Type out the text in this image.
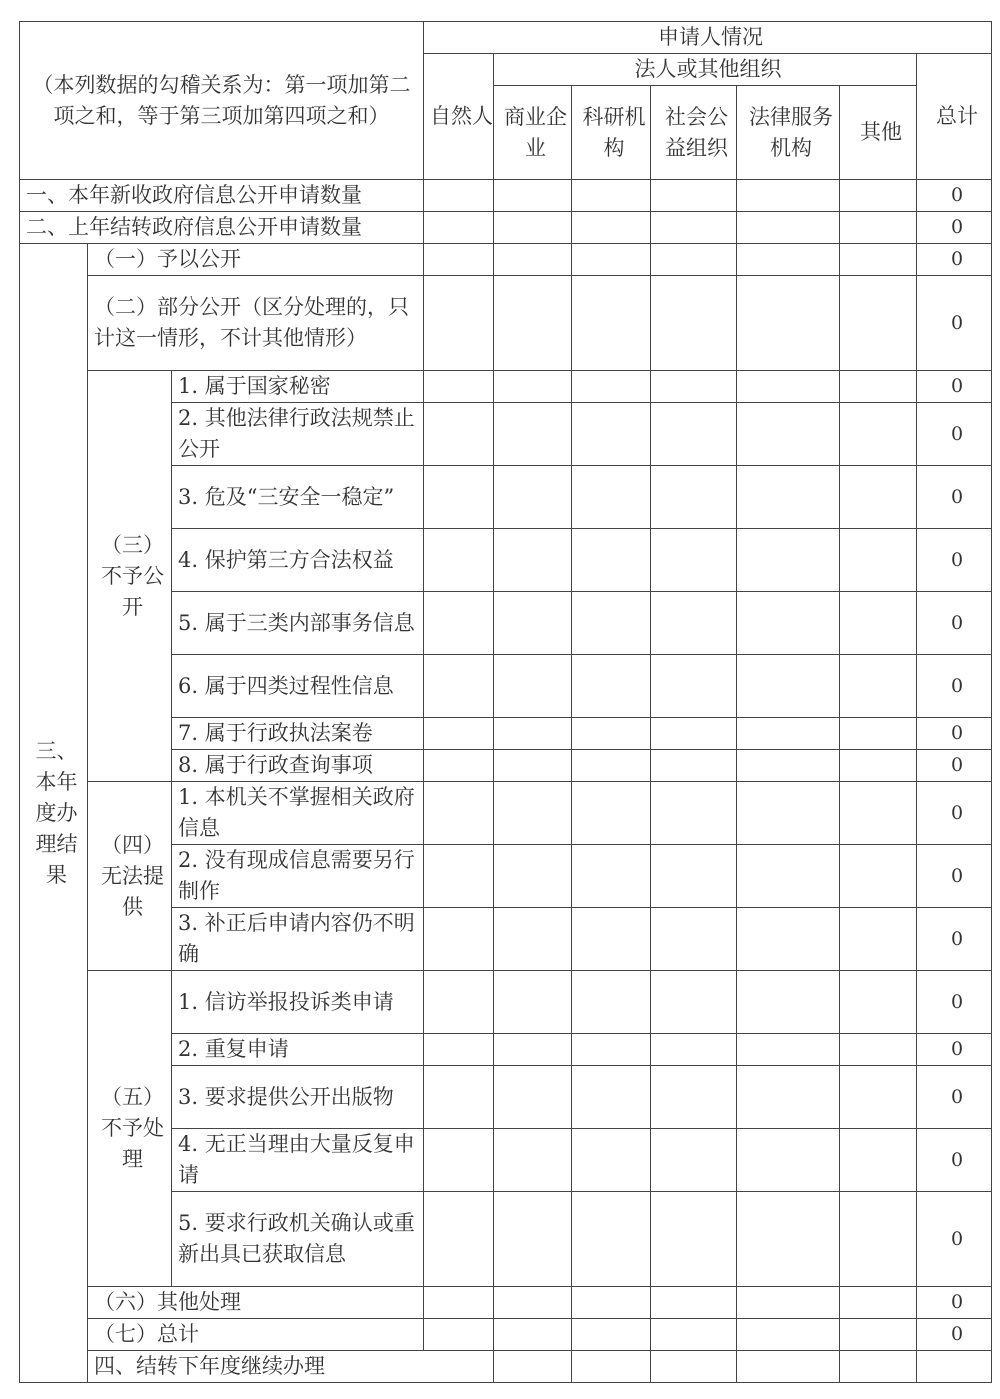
（本列数据的勾稽关系为：第一项加第二项之和，等于第三项加第四项之和）			申请人情况							
			自然人	法人或其他组织					总计	
				商业企业	科研机构	社会公益组织	法律服务机构	其他		
一、本年新收政府信息公开申请数量									0	
二、上年结转政府信息公开申请数量									0	
三、本年度办理结果	（一）予以公开								0	
	（二）部分公开（区分处理的，只计这一情形，不计其他情形）								0	
	（三）不予公开	1. 属于国家秘密							0	
		2. 其他法律行政法规禁止公开							0	
		3. 危及“三安全一稳定”							0	
		4. 保护第三方合法权益							0	
		5. 属于三类内部事务信息							0	
		6. 属于四类过程性信息							0	
		7. 属于行政执法案卷							0	
		8. 属于行政查询事项							0	
	（四）无法提供	1. 本机关不掌握相关政府信息							0	
		2. 没有现成信息需要另行制作							0	
		3. 补正后申请内容仍不明确							0	
	（五）不予处理	1. 信访举报投诉类申请							0	
		2. 重复申请							0	
		3. 要求提供公开出版物							0	
		4. 无正当理由大量反复申请							0	
		5. 要求行政机关确认或重新出具已获取信息							0	
	（六）其他处理								0	
	（七）总计								0	
	四、结转下年度继续办理							
